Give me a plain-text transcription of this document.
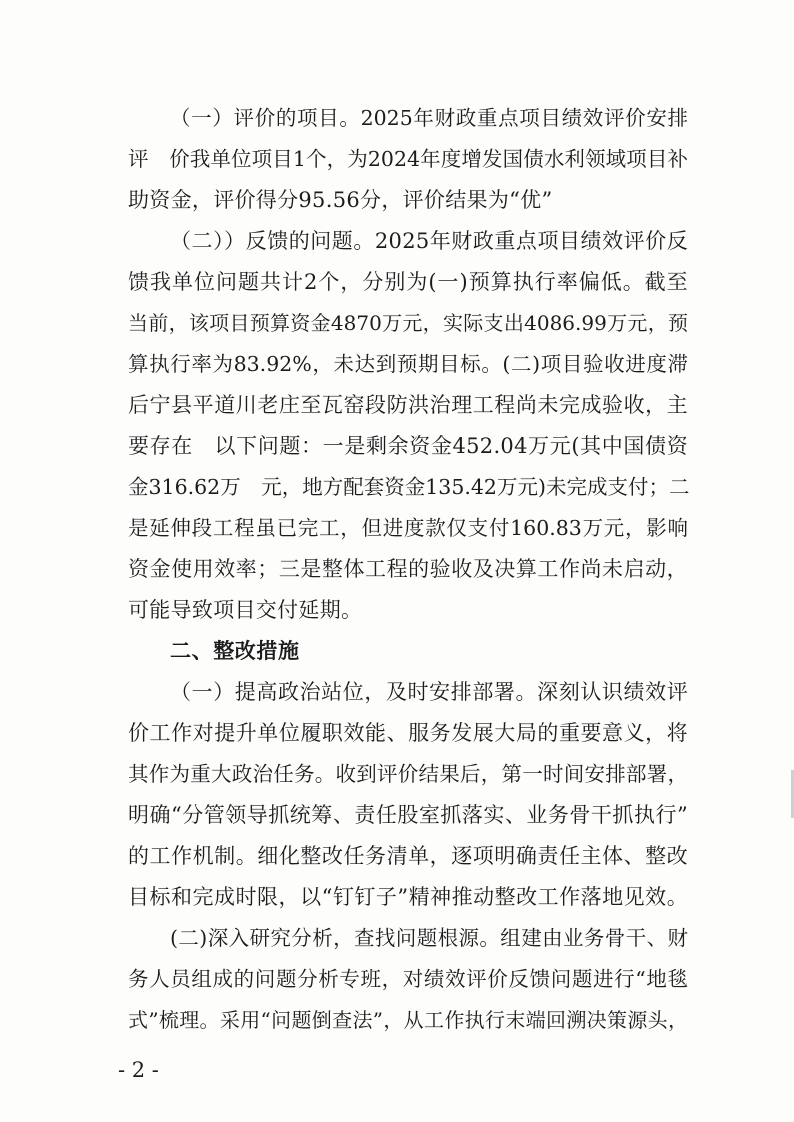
（一）评价的项目。2025年财政重点项目绩效评价安排
评　价我单位项目1个，为2024年度增发国债水利领域项目补
助资金，评价得分95.56分，评价结果为“优”
（二））反馈的问题。2025年财政重点项目绩效评价反
馈我单位问题共计2个，分别为(一)预算执行率偏低。截至
当前，该项目预算资金4870万元，实际支出4086.99万元，预
算执行率为83.92%，未达到预期目标。(二)项目验收进度滞
后宁县平道川老庄至瓦窑段防洪治理工程尚未完成验收，主
要存在　以下问题：一是剩余资金452.04万元(其中国债资
金316.62万　元，地方配套资金135.42万元)未完成支付；二
是延伸段工程虽已完工，但进度款仅支付160.83万元，影响
资金使用效率；三是整体工程的验收及决算工作尚未启动，
可能导致项目交付延期。
二、整改措施
（一）提高政治站位，及时安排部署。深刻认识绩效评
价工作对提升单位履职效能、服务发展大局的重要意义，将
其作为重大政治任务。收到评价结果后，第一时间安排部署，
明确“分管领导抓统筹、责任股室抓落实、业务骨干抓执行”
的工作机制。细化整改任务清单，逐项明确责任主体、整改
目标和完成时限，以“钉钉子”精神推动整改工作落地见效。
(二)深入研究分析，查找问题根源。组建由业务骨干、财
务人员组成的问题分析专班，对绩效评价反馈问题进行“地毯
式”梳理。采用“问题倒查法”，从工作执行末端回溯决策源头，
- 2 -
